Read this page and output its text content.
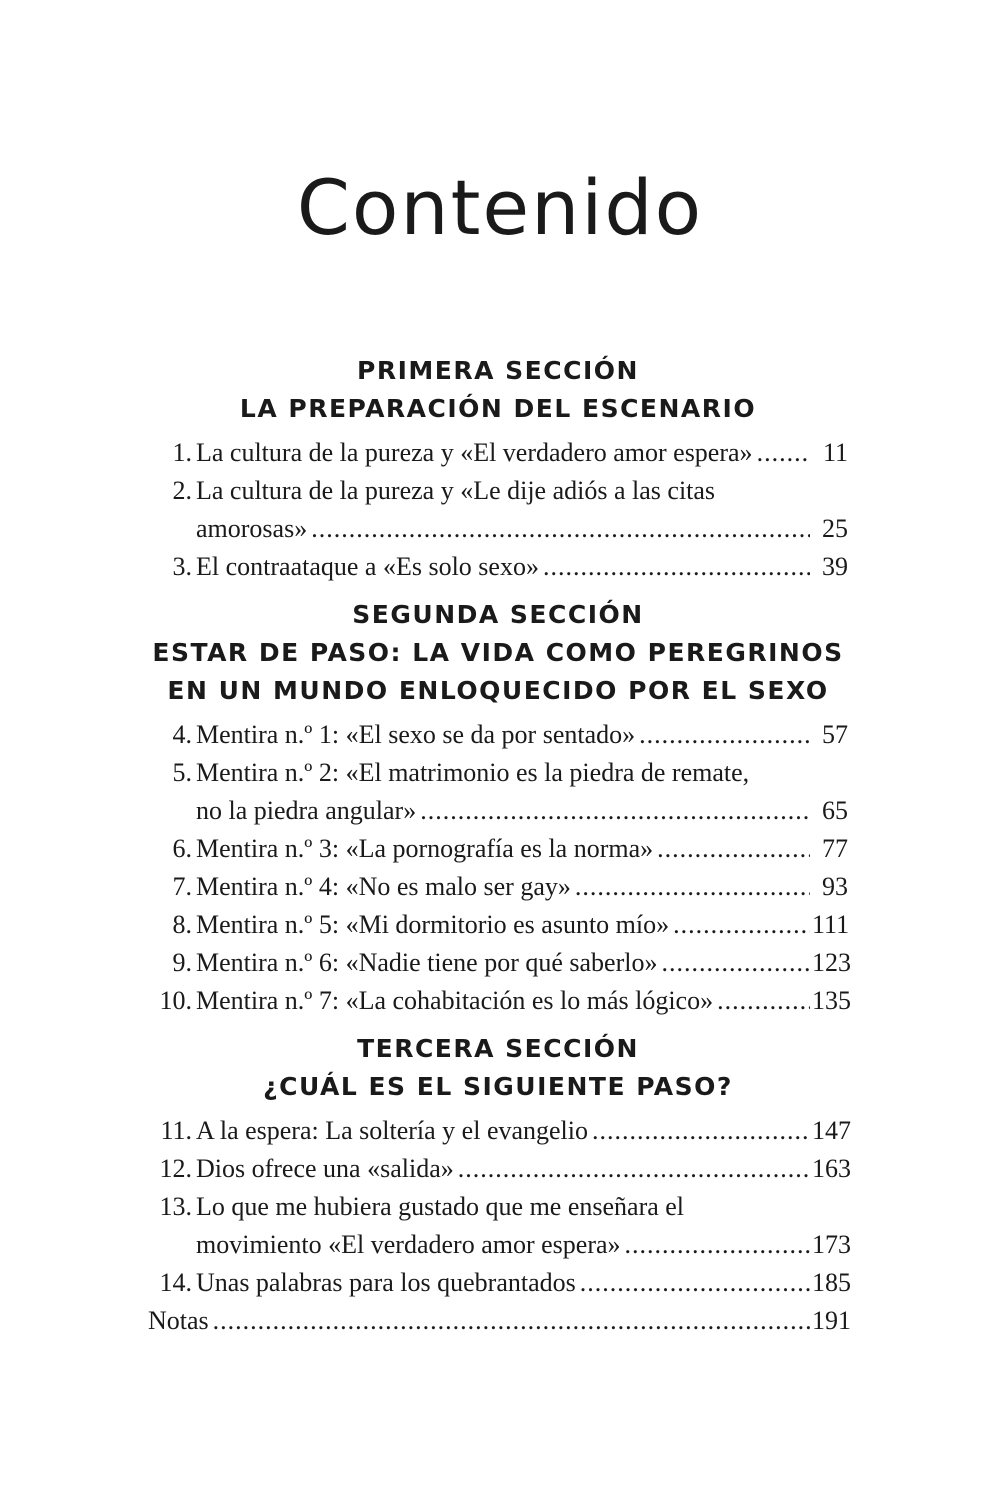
Contenido
PRIMERA SECCIÓN
LA PREPARACIÓN DEL ESCENARIO
1. La cultura de la pureza y «El verdadero amor espera» .....	11
2. La cultura de la pureza y «Le dije adiós a las citas
amorosas» .....	25
3. El contraataque a «Es solo sexo» .....	39
SEGUNDA SECCIÓN
ESTAR DE PASO: LA VIDA COMO PEREGRINOS
EN UN MUNDO ENLOQUECIDO POR EL SEXO
4. Mentira n.º 1: «El sexo se da por sentado» .....	57
5. Mentira n.º 2: «El matrimonio es la piedra de remate,
no la piedra angular» .....	65
6. Mentira n.º 3: «La pornografía es la norma» .....	77
7. Mentira n.º 4: «No es malo ser gay» .....	93
8. Mentira n.º 5: «Mi dormitorio es asunto mío» .....	111
9. Mentira n.º 6: «Nadie tiene por qué saberlo» .....	123
10. Mentira n.º 7: «La cohabitación es lo más lógico» .....	135
TERCERA SECCIÓN
¿CUÁL ES EL SIGUIENTE PASO?
11. A la espera: La soltería y el evangelio .....	147
12. Dios ofrece una «salida» .....	163
13. Lo que me hubiera gustado que me enseñara el
movimiento «El verdadero amor espera» .....	173
14. Unas palabras para los quebrantados .....	185
Notas .....	191
